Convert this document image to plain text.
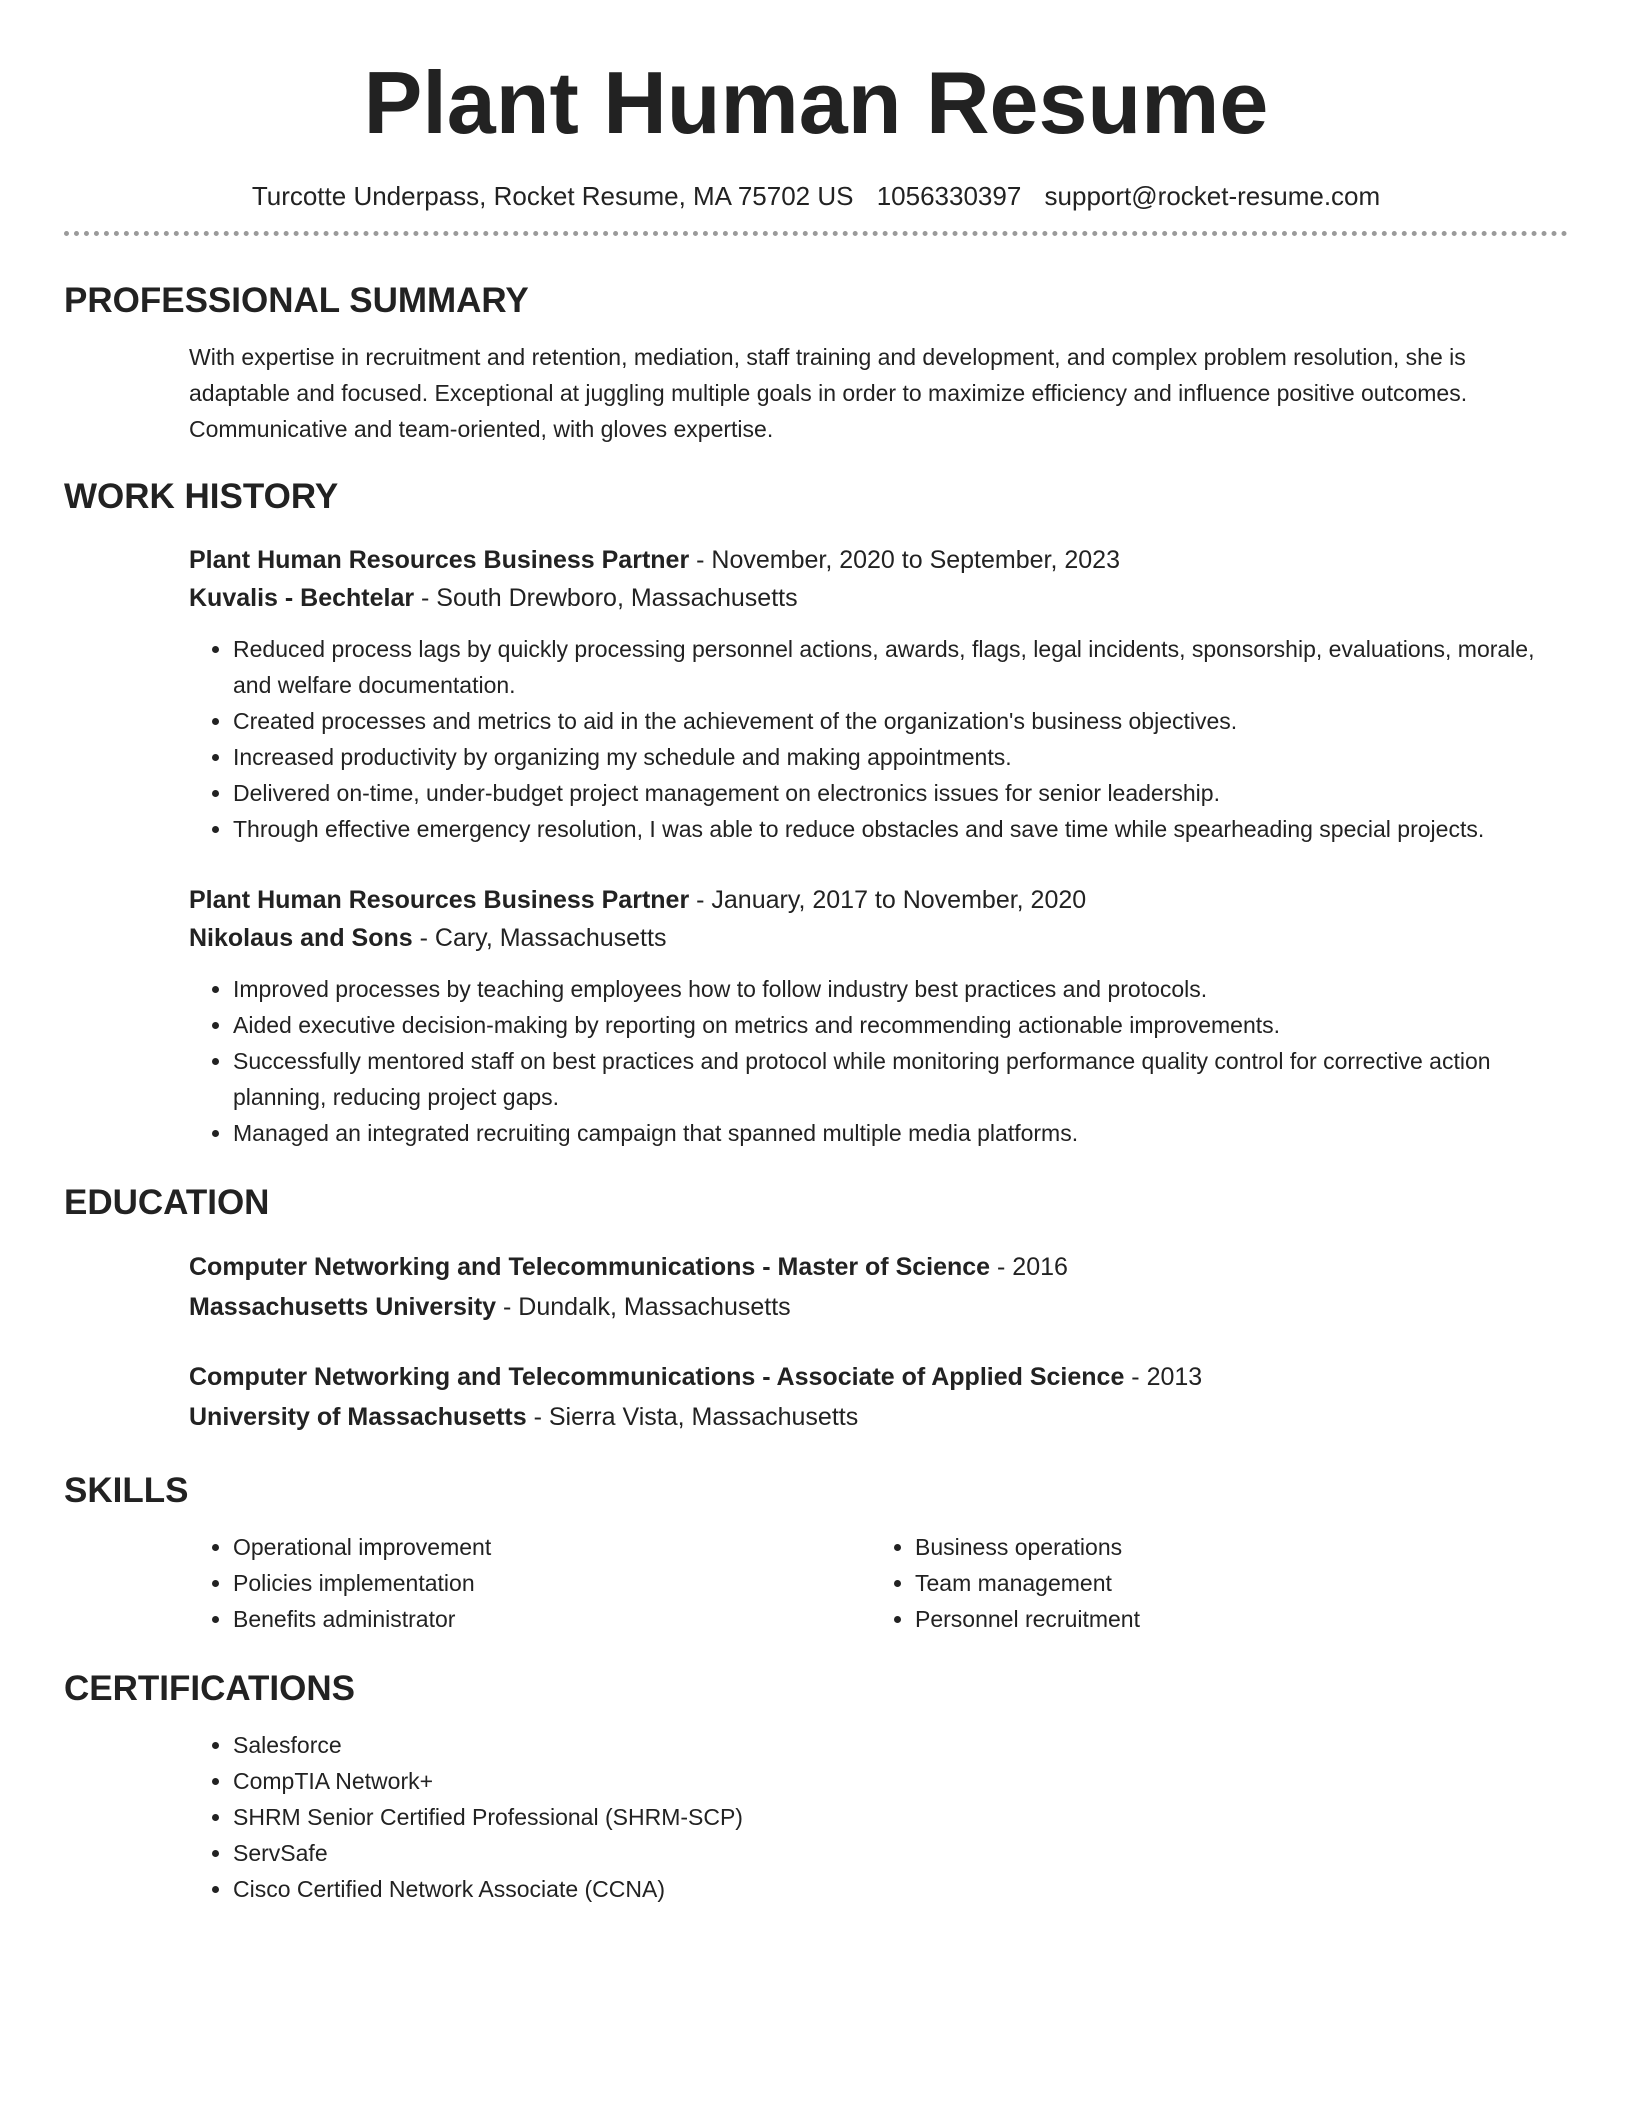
Plant Human Resume
Turcotte Underpass, Rocket Resume, MA 75702 US 1056330397 support@rocket-resume.com
PROFESSIONAL SUMMARY

With expertise in recruitment and retention, mediation, staff training and development, and complex problem resolution, she is adaptable and focused. Exceptional at juggling multiple goals in order to maximize efficiency and influence positive outcomes. Communicative and team-oriented, with gloves expertise.

WORK HISTORY
Plant Human Resources Business Partner - November, 2020 to September, 2023
Kuvalis - Bechtelar - South Drewboro, Massachusetts
• Reduced process lags by quickly processing personnel actions, awards, flags, legal incidents, sponsorship, evaluations, morale, and welfare documentation.
• Created processes and metrics to aid in the achievement of the organization's business objectives.
• Increased productivity by organizing my schedule and making appointments.
• Delivered on-time, under-budget project management on electronics issues for senior leadership.
• Through effective emergency resolution, I was able to reduce obstacles and save time while spearheading special projects.
Plant Human Resources Business Partner - January, 2017 to November, 2020
Nikolaus and Sons - Cary, Massachusetts
• Improved processes by teaching employees how to follow industry best practices and protocols.
• Aided executive decision-making by reporting on metrics and recommending actionable improvements.
• Successfully mentored staff on best practices and protocol while monitoring performance quality control for corrective action planning, reducing project gaps.
• Managed an integrated recruiting campaign that spanned multiple media platforms.
EDUCATION
Computer Networking and Telecommunications - Master of Science - 2016
Massachusetts University - Dundalk, Massachusetts
Computer Networking and Telecommunications - Associate of Applied Science - 2013
University of Massachusetts - Sierra Vista, Massachusetts
SKILLS
• Operational improvement
• Policies implementation
• Benefits administrator
• Business operations
• Team management
• Personnel recruitment
CERTIFICATIONS
• Salesforce
• CompTIA Network+
• SHRM Senior Certified Professional (SHRM-SCP)
• ServSafe
• Cisco Certified Network Associate (CCNA)
